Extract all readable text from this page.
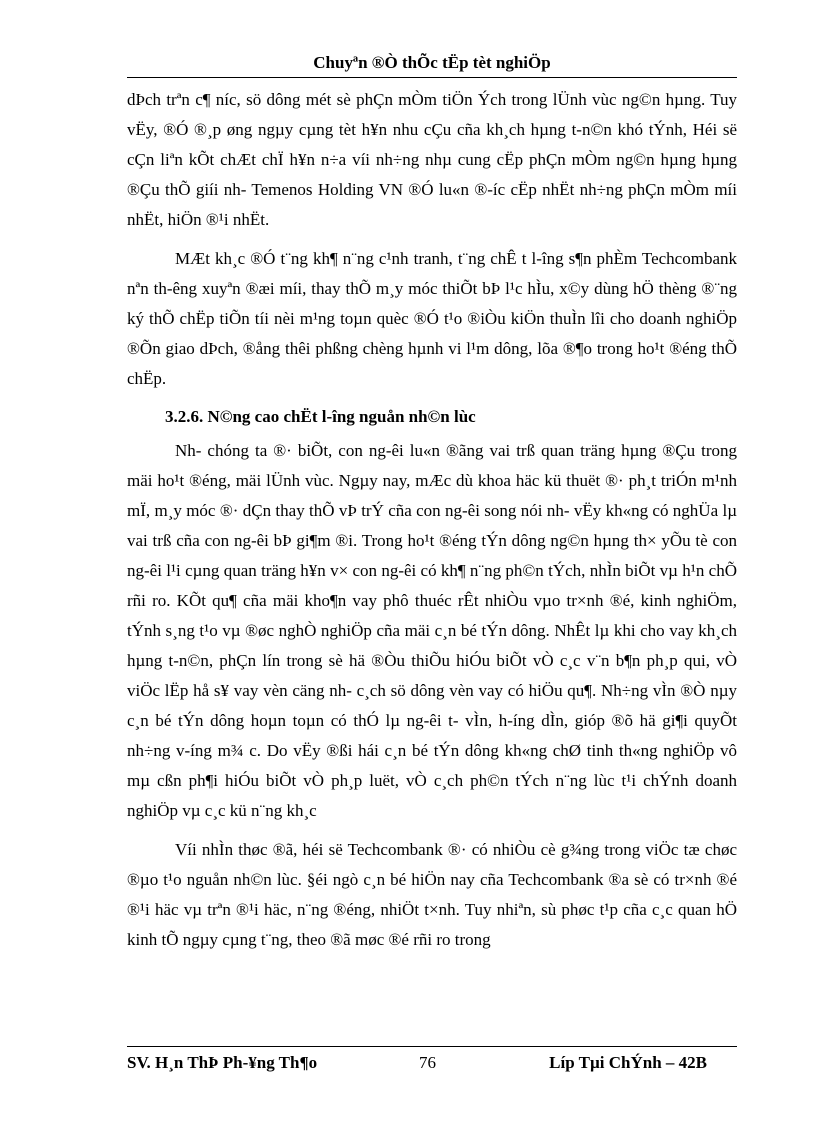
Chuyªn ®Ò thÕc tËp tèt nghiÖp

dÞch trªn c¶ níc, sö dông mét sè phÇn mÒm tiÖn Ých trong lÜnh vùc ng©n hµng. Tuy vËy, ®Ó ®¸p øng ngµy cµng tèt h¥n nhu cÇu cña kh¸ch hµng t-n©n khó tÝnh, Héi së cÇn liªn kÕt chÆt chÏ h¥n n÷a víi nh÷ng nhµ cung cËp phÇn mÒm ng©n hµng hµng ®Çu thÕ giíi nh- Temenos Holding VN ®Ó lu«n ®-íc cËp nhËt nh÷ng phÇn mÒm míi nhËt, hiÖn ®¹i nhËt.

MÆt kh¸c ®Ó t¨ng kh¶ n¨ng c¹nh tranh, t¨ng chÊ t l-îng s¶n phÈm Techcombank nªn th-êng xuyªn ®æi míi, thay thÕ m¸y móc thiÕt bÞ l¹c hÌu, x©y dùng hÖ thèng ®¨ng ký thÕ chËp tiÕn tíi nèi m¹ng toµn quèc ®Ó t¹o ®iÒu kiÖn thuÌn lîi cho doanh nghiÖp ®Õn giao dÞch, ®ång thêi phßng chèng hµnh vi l¹m dông, lõa ®¶o trong ho¹t ®éng thÕ chËp.

3.2.6. N©ng cao chËt l-îng nguån nh©n lùc

Nh- chóng ta ®· biÕt, con ng-êi lu«n ®ãng vai trß quan träng hµng ®Çu trong mäi ho¹t ®éng, mäi lÜnh vùc. Ngµy nay, mÆc dù khoa häc kü thuët ®· ph¸t triÓn m¹nh mÏ, m¸y móc ®· dÇn thay thÕ vÞ trÝ cña con ng-êi song nói nh- vËy kh«ng có nghÜa lµ vai trß cña con ng-êi bÞ gi¶m ®i. Trong ho¹t ®éng tÝn dông ng©n hµng th× yÕu tè con ng-êi l¹i cµng quan träng h¥n v× con ng-êi có kh¶ n¨ng ph©n tÝch, nhÌn biÕt vµ h¹n chÕ rñi ro. KÕt qu¶ cña mäi kho¶n vay phô thuéc rÊt nhiÒu vµo tr×nh ®é, kinh nghiÖm, tÝnh s¸ng t¹o vµ ®øc nghÒ nghiÖp cña mäi c¸n bé tÝn dông. NhÊt lµ khi cho vay kh¸ch hµng t-n©n, phÇn lín trong sè hä ®Òu thiÕu hiÓu biÕt vÒ c¸c v¨n b¶n ph¸p qui, vÒ viÖc lËp hå s¥ vay vèn cäng nh- c¸ch sö dông vèn vay có hiÖu qu¶. Nh÷ng vÌn ®Ò nµy c¸n bé tÝn dông hoµn toµn có thÓ lµ ng-êi t- vÌn, h-íng dÌn, gióp ®õ hä gi¶i quyÕt nh÷ng v-íng m¾ c. Do vËy ®ßi hái c¸n bé tÝn dông kh«ng chØ tinh th«ng nghiÖp vô mµ cßn ph¶i hiÓu biÕt vÒ ph¸p luët, vÒ c¸ch ph©n tÝch n¨ng lùc t¹i chÝnh doanh nghiÖp vµ c¸c kü n¨ng kh¸c

Víi nhÌn thøc ®ã, héi së Techcombank ®· có nhiÒu cè g¾ng trong viÖc tæ chøc ®µo t¹o nguån nh©n lùc. §éi ngò c¸n bé hiÖn nay cña Techcombank ®a sè có tr×nh ®é ®¹i häc vµ trªn ®¹i häc, n¨ng ®éng, nhiÖt t×nh. Tuy nhiªn, sù phøc t¹p cña c¸c quan hÖ kinh tÕ ngµy cµng t¨ng, theo ®ã møc ®é rñi ro trong

SV. H¸n ThÞ Ph-¥ng Th¶o	76	Líp Tµi ChÝnh – 42B
